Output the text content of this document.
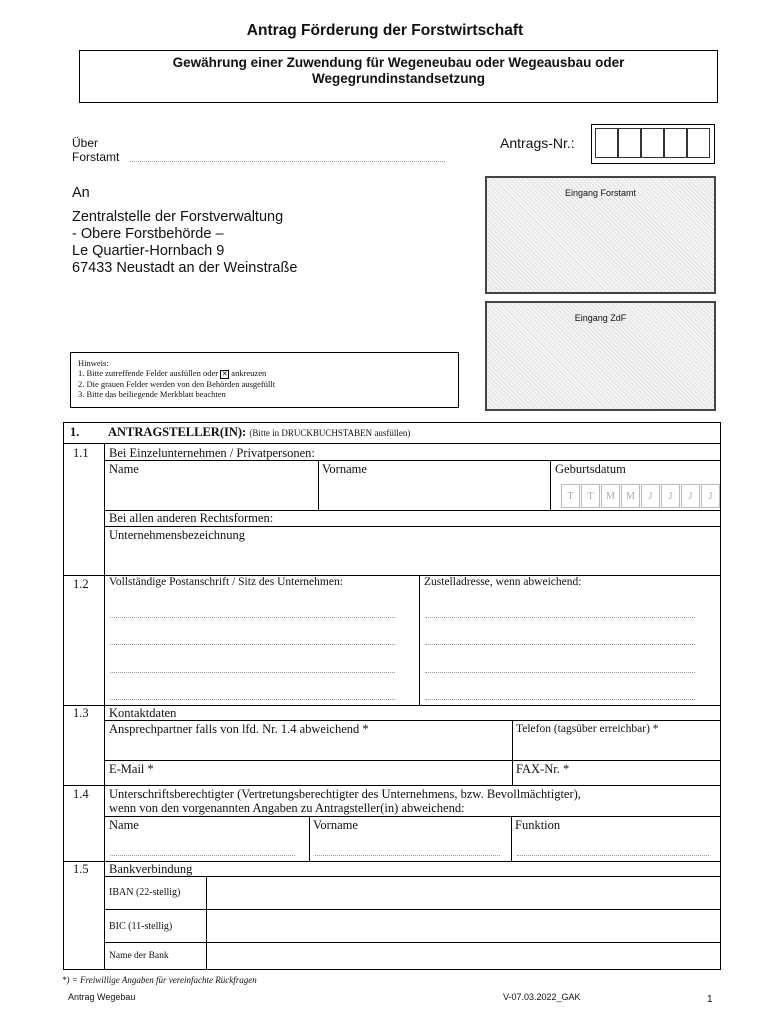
Antrag Förderung der Forstwirtschaft
Gewährung einer Zuwendung für Wegeneubau oder Wegeausbau oder
Wegegrundinstandsetzung
Über
Forstamt
Antrags-Nr.:
An
Zentralstelle der Forstverwaltung
- Obere Forstbehörde –
Le Quartier-Hornbach 9
67433 Neustadt an der Weinstraße
Eingang Forstamt
Eingang ZdF
Hinweis:
1. Bitte zutreffende Felder ausfüllen oder ✕ ankreuzen
2. Die grauen Felder werden von den Behörden ausgefüllt
3. Bitte das beiliegende Merkblatt beachten
1. ANTRAGSTELLER(IN): (Bitte in DRUCKBUCHSTABEN ausfüllen)
1.1 Bei Einzelunternehmen / Privatpersonen:
Name	Vorname	Geburtsdatum
T	T	M	M	J	J	J	J
Bei allen anderen Rechtsformen:
Unternehmensbezeichnung
1.2 Vollständige Postanschrift / Sitz des Unternehmen:	Zustelladresse, wenn abweichend:
1.3 Kontaktdaten
Ansprechpartner falls von lfd. Nr. 1.4 abweichend *	Telefon (tagsüber erreichbar) *
E-Mail *	FAX-Nr. *
1.4 Unterschriftsberechtigter (Vertretungsberechtigter des Unternehmens, bzw. Bevollmächtigter),
wenn von den vorgenannten Angaben zu Antragsteller(in) abweichend:
Name	Vorname	Funktion
1.5 Bankverbindung
IBAN (22-stellig)
BIC (11-stellig)
Name der Bank
*) = Freiwillige Angaben für vereinfachte Rückfragen
Antrag Wegebau	V-07.03.2022_GAK	1
